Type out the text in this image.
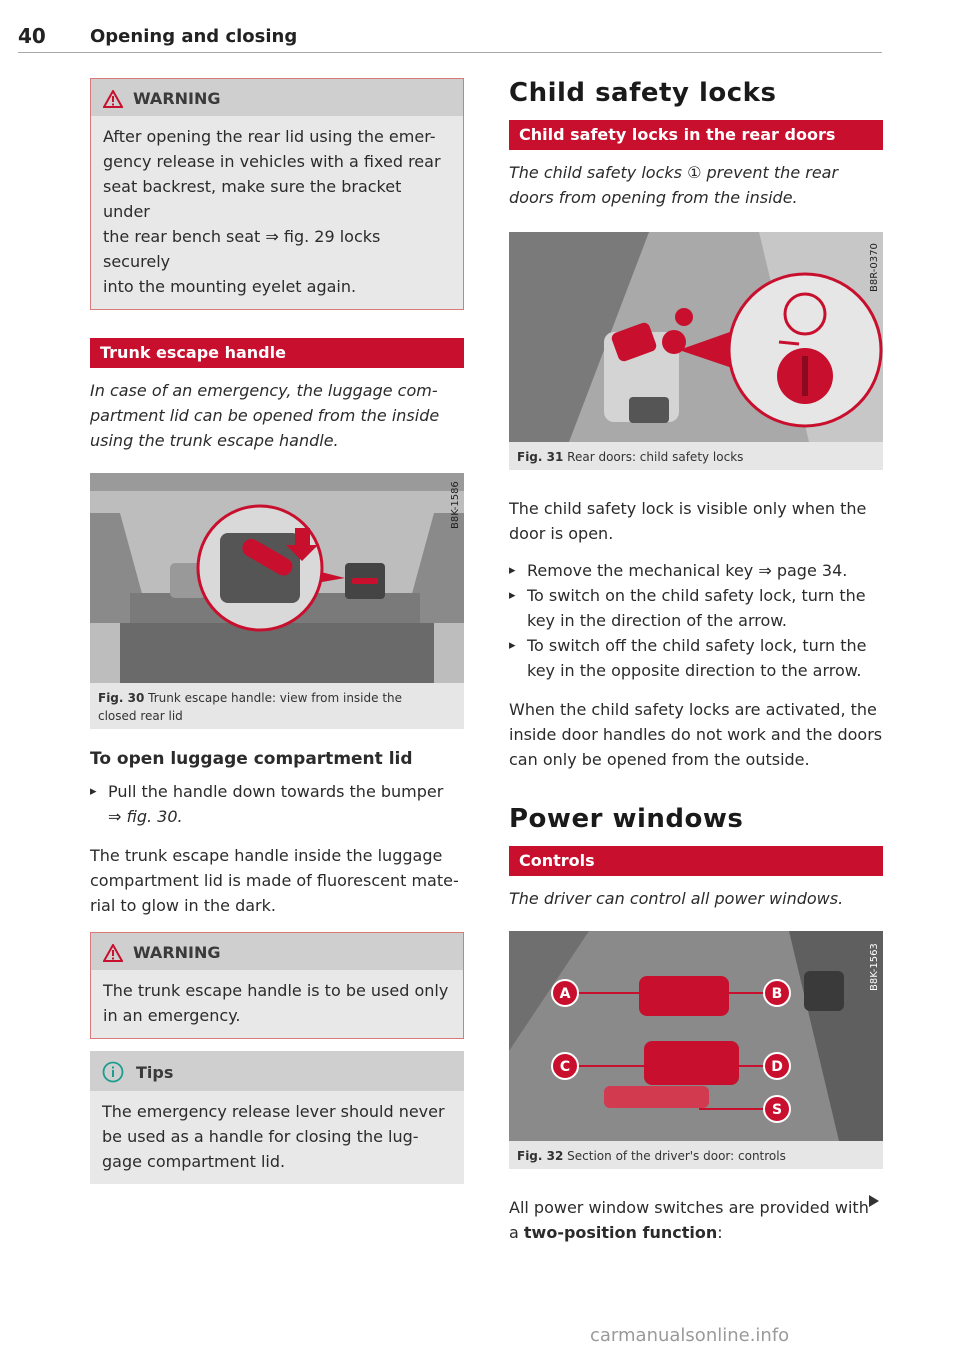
40 Opening and closing
WARNING
After opening the rear lid using the emer-
gency release in vehicles with a fixed rear
seat backrest, make sure the bracket under
the rear bench seat ⇒ fig. 29 locks securely
into the mounting eyelet again.
Trunk escape handle
In case of an emergency, the luggage com-
partment lid can be opened from the inside
using the trunk escape handle.
B8K-1586
Fig. 30 Trunk escape handle: view from inside the
closed rear lid
To open luggage compartment lid
▸ Pull the handle down towards the bumper
⇒ fig. 30.
The trunk escape handle inside the luggage
compartment lid is made of fluorescent mate-
rial to glow in the dark.
WARNING
The trunk escape handle is to be used only
in an emergency.
Tips
The emergency release lever should never
be used as a handle for closing the lug-
gage compartment lid.
Child safety locks
Child safety locks in the rear doors
The child safety locks ① prevent the rear
doors from opening from the inside.
B8R-0370
Fig. 31 Rear doors: child safety locks
The child safety lock is visible only when the
door is open.
▸ Remove the mechanical key ⇒ page 34.
▸ To switch on the child safety lock, turn the
key in the direction of the arrow.
▸ To switch off the child safety lock, turn the
key in the opposite direction to the arrow.
When the child safety locks are activated, the
inside door handles do not work and the doors
can only be opened from the outside.
Power windows
Controls
The driver can control all power windows.
A	B
C	D
S
B8K-1563
Fig. 32 Section of the driver's door: controls
All power window switches are provided with
a two-position function:
carmanualsonline.info
